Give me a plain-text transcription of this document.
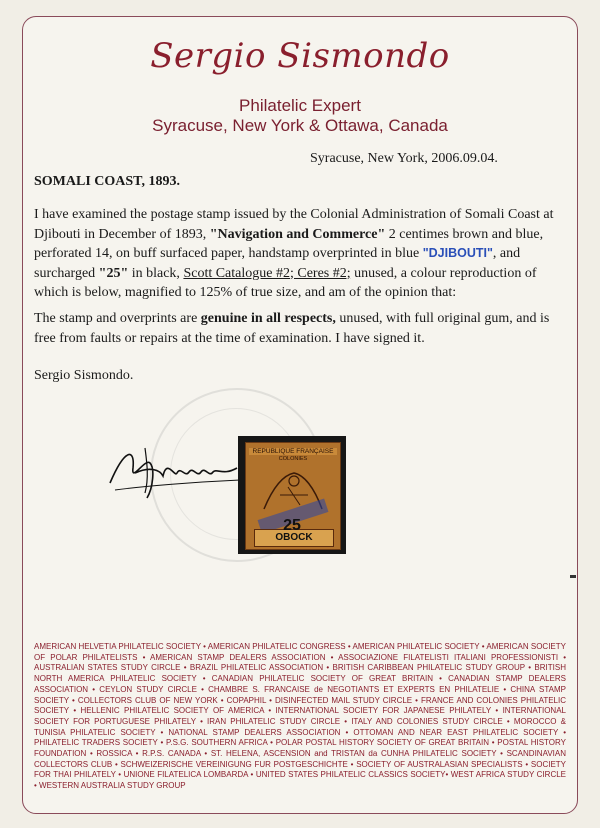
Sergio Sismondo
Philatelic Expert
Syracuse, New York & Ottawa, Canada
Syracuse, New York, 2006.09.04.
SOMALI COAST, 1893.
I have examined the postage stamp issued by the Colonial Administration of Somali Coast at Djibouti in December of 1893, "Navigation and Commerce" 2 centimes brown and blue, perforated 14, on buff surfaced paper, handstamp overprinted in blue "DJIBOUTI", and surcharged "25" in black, Scott Catalogue #2; Ceres #2; unused, a colour reproduction of which is below, magnified to 125% of true size, and am of the opinion that:
The stamp and overprints are genuine in all respects, unused, with full original gum, and is free from faults or repairs at the time of examination. I have signed it.
Sergio Sismondo.
REPUBLIQUE FRANÇAISE
COLONIES
OBOCK
25
AMERICAN HELVETIA PHILATELIC SOCIETY • AMERICAN PHILATELIC CONGRESS • AMERICAN PHILATELIC SOCIETY • AMERICAN SOCIETY OF POLAR PHILATELISTS • AMERICAN STAMP DEALERS ASSOCIATION • ASSOCIAZIONE FILATELISTI ITALIANI PROFESSIONISTI • AUSTRALIAN STATES STUDY CIRCLE • BRAZIL PHILATELIC ASSOCIATION • BRITISH CARIBBEAN PHILATELIC STUDY GROUP • BRITISH NORTH AMERICA PHILATELIC SOCIETY • CANADIAN PHILATELIC SOCIETY OF GREAT BRITAIN • CANADIAN STAMP DEALERS ASSOCIATION • CEYLON STUDY CIRCLE • CHAMBRE S. FRANCAISE de NEGOTIANTS ET EXPERTS EN PHILATELIE • CHINA STAMP SOCIETY • COLLECTORS CLUB OF NEW YORK • COPAPHIL • DISINFECTED MAIL STUDY CIRCLE • FRANCE AND COLONIES PHILATELIC SOCIETY • HELLENIC PHILATELIC SOCIETY OF AMERICA • INTERNATIONAL SOCIETY FOR JAPANESE PHILATELY • INTERNATIONAL SOCIETY FOR PORTUGUESE PHILATELY • IRAN PHILATELIC STUDY CIRCLE • ITALY AND COLONIES STUDY CIRCLE • MOROCCO & TUNISIA PHILATELIC SOCIETY • NATIONAL STAMP DEALERS ASSOCIATION • OTTOMAN AND NEAR EAST PHILATELIC SOCIETY • PHILATELIC TRADERS SOCIETY • P.S.G. SOUTHERN AFRICA • POLAR POSTAL HISTORY SOCIETY OF GREAT BRITAIN • POSTAL HISTORY FOUNDATION • ROSSICA • R.P.S. CANADA • ST. HELENA, ASCENSION and TRISTAN da CUNHA PHILATELIC SOCIETY • SCANDINAVIAN COLLECTORS CLUB • SCHWEIZERISCHE VEREINIGUNG FUR POSTGESCHICHTE • SOCIETY OF AUSTRALASIAN SPECIALISTS • SOCIETY FOR THAI PHILATELY • UNIONE FILATELICA LOMBARDA • UNITED STATES PHILATELIC CLASSICS SOCIETY• WEST AFRICA STUDY CIRCLE • WESTERN AUSTRALIA STUDY GROUP
